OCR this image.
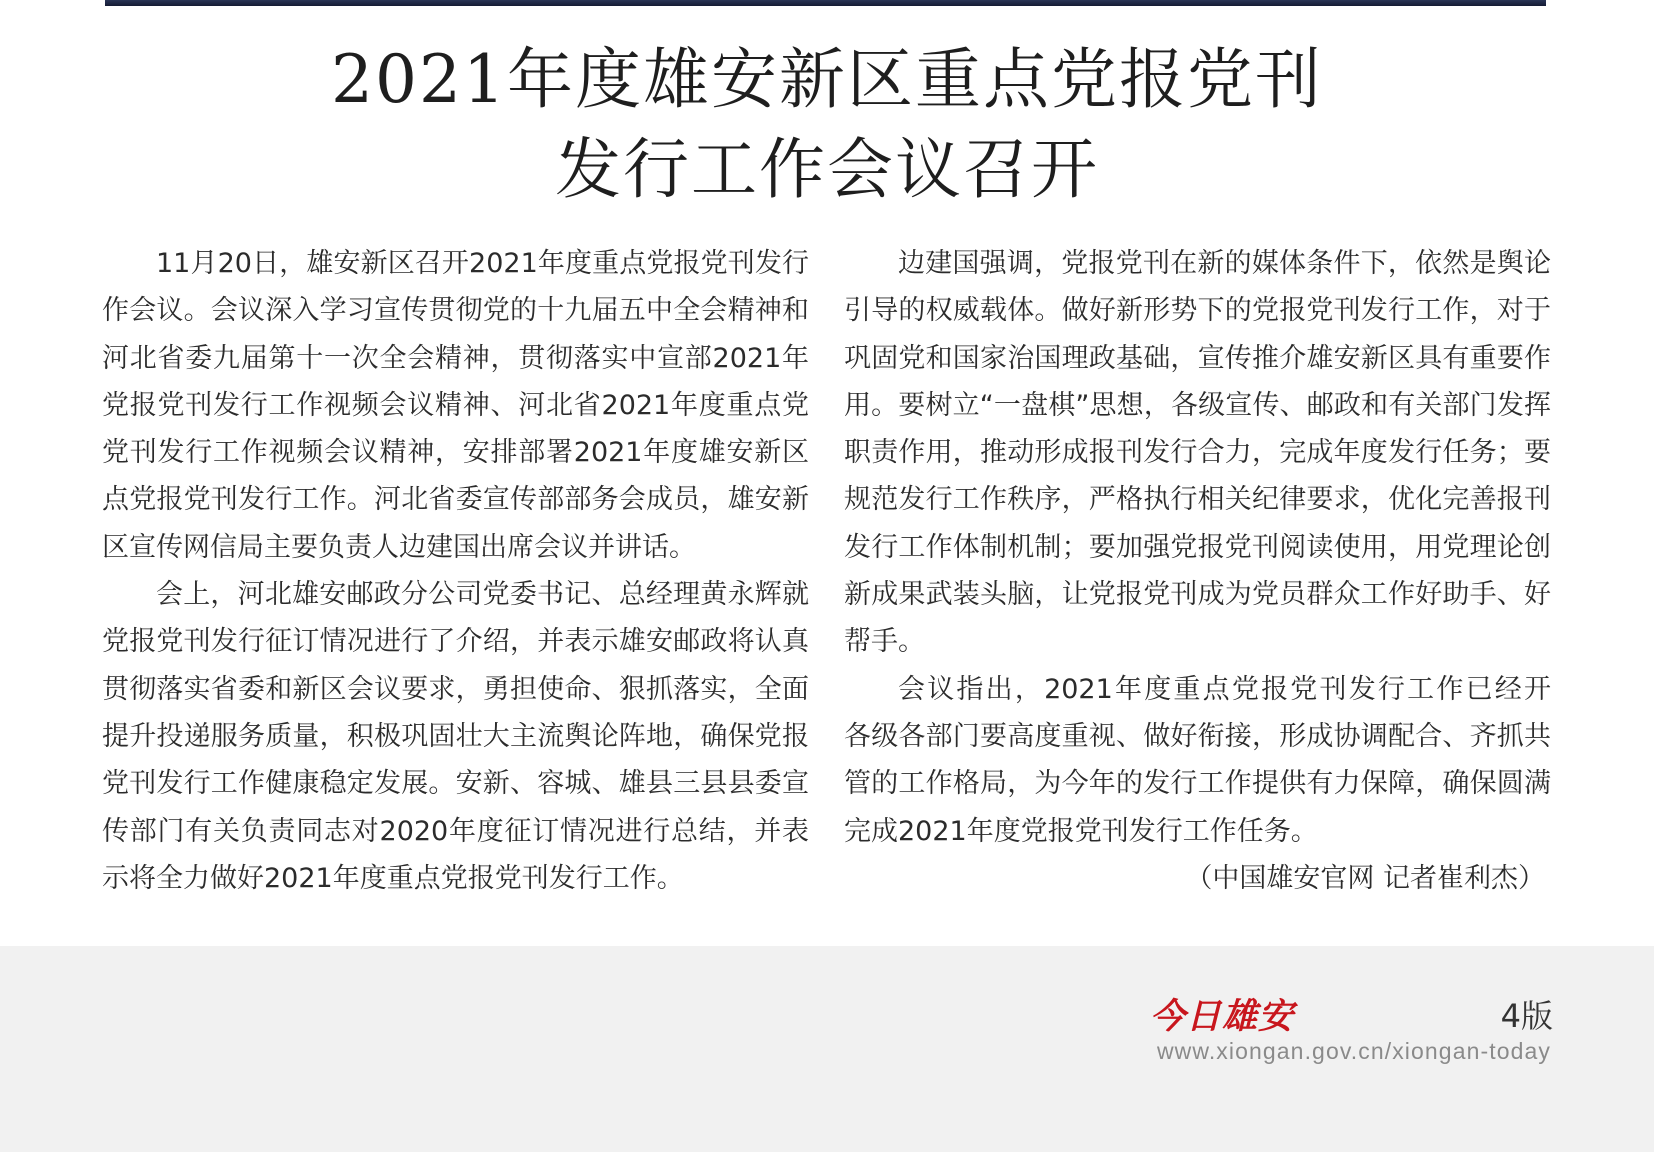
2021年度雄安新区重点党报党刊
发行工作会议召开
11月20日，雄安新区召开2021年度重点党报党刊发行
作会议。会议深入学习宣传贯彻党的十九届五中全会精神和
河北省委九届第十一次全会精神，贯彻落实中宣部2021年
党报党刊发行工作视频会议精神、河北省2021年度重点党
党刊发行工作视频会议精神，安排部署2021年度雄安新区
点党报党刊发行工作。河北省委宣传部部务会成员，雄安新
区宣传网信局主要负责人边建国出席会议并讲话。
会上，河北雄安邮政分公司党委书记、总经理黄永辉就
党报党刊发行征订情况进行了介绍，并表示雄安邮政将认真
贯彻落实省委和新区会议要求，勇担使命、狠抓落实，全面
提升投递服务质量，积极巩固壮大主流舆论阵地，确保党报
党刊发行工作健康稳定发展。安新、容城、雄县三县县委宣
传部门有关负责同志对2020年度征订情况进行总结，并表
示将全力做好2021年度重点党报党刊发行工作。
边建国强调，党报党刊在新的媒体条件下，依然是舆论
引导的权威载体。做好新形势下的党报党刊发行工作，对于
巩固党和国家治国理政基础，宣传推介雄安新区具有重要作
用。要树立“一盘棋”思想，各级宣传、邮政和有关部门发挥
职责作用，推动形成报刊发行合力，完成年度发行任务；要
规范发行工作秩序，严格执行相关纪律要求，优化完善报刊
发行工作体制机制；要加强党报党刊阅读使用，用党理论创
新成果武装头脑，让党报党刊成为党员群众工作好助手、好
帮手。
会议指出，2021年度重点党报党刊发行工作已经开
各级各部门要高度重视、做好衔接，形成协调配合、齐抓共
管的工作格局，为今年的发行工作提供有力保障，确保圆满
完成2021年度党报党刊发行工作任务。
（中国雄安官网 记者崔利杰）
今日雄安	4版
www.xiongan.gov.cn/xiongan-today
